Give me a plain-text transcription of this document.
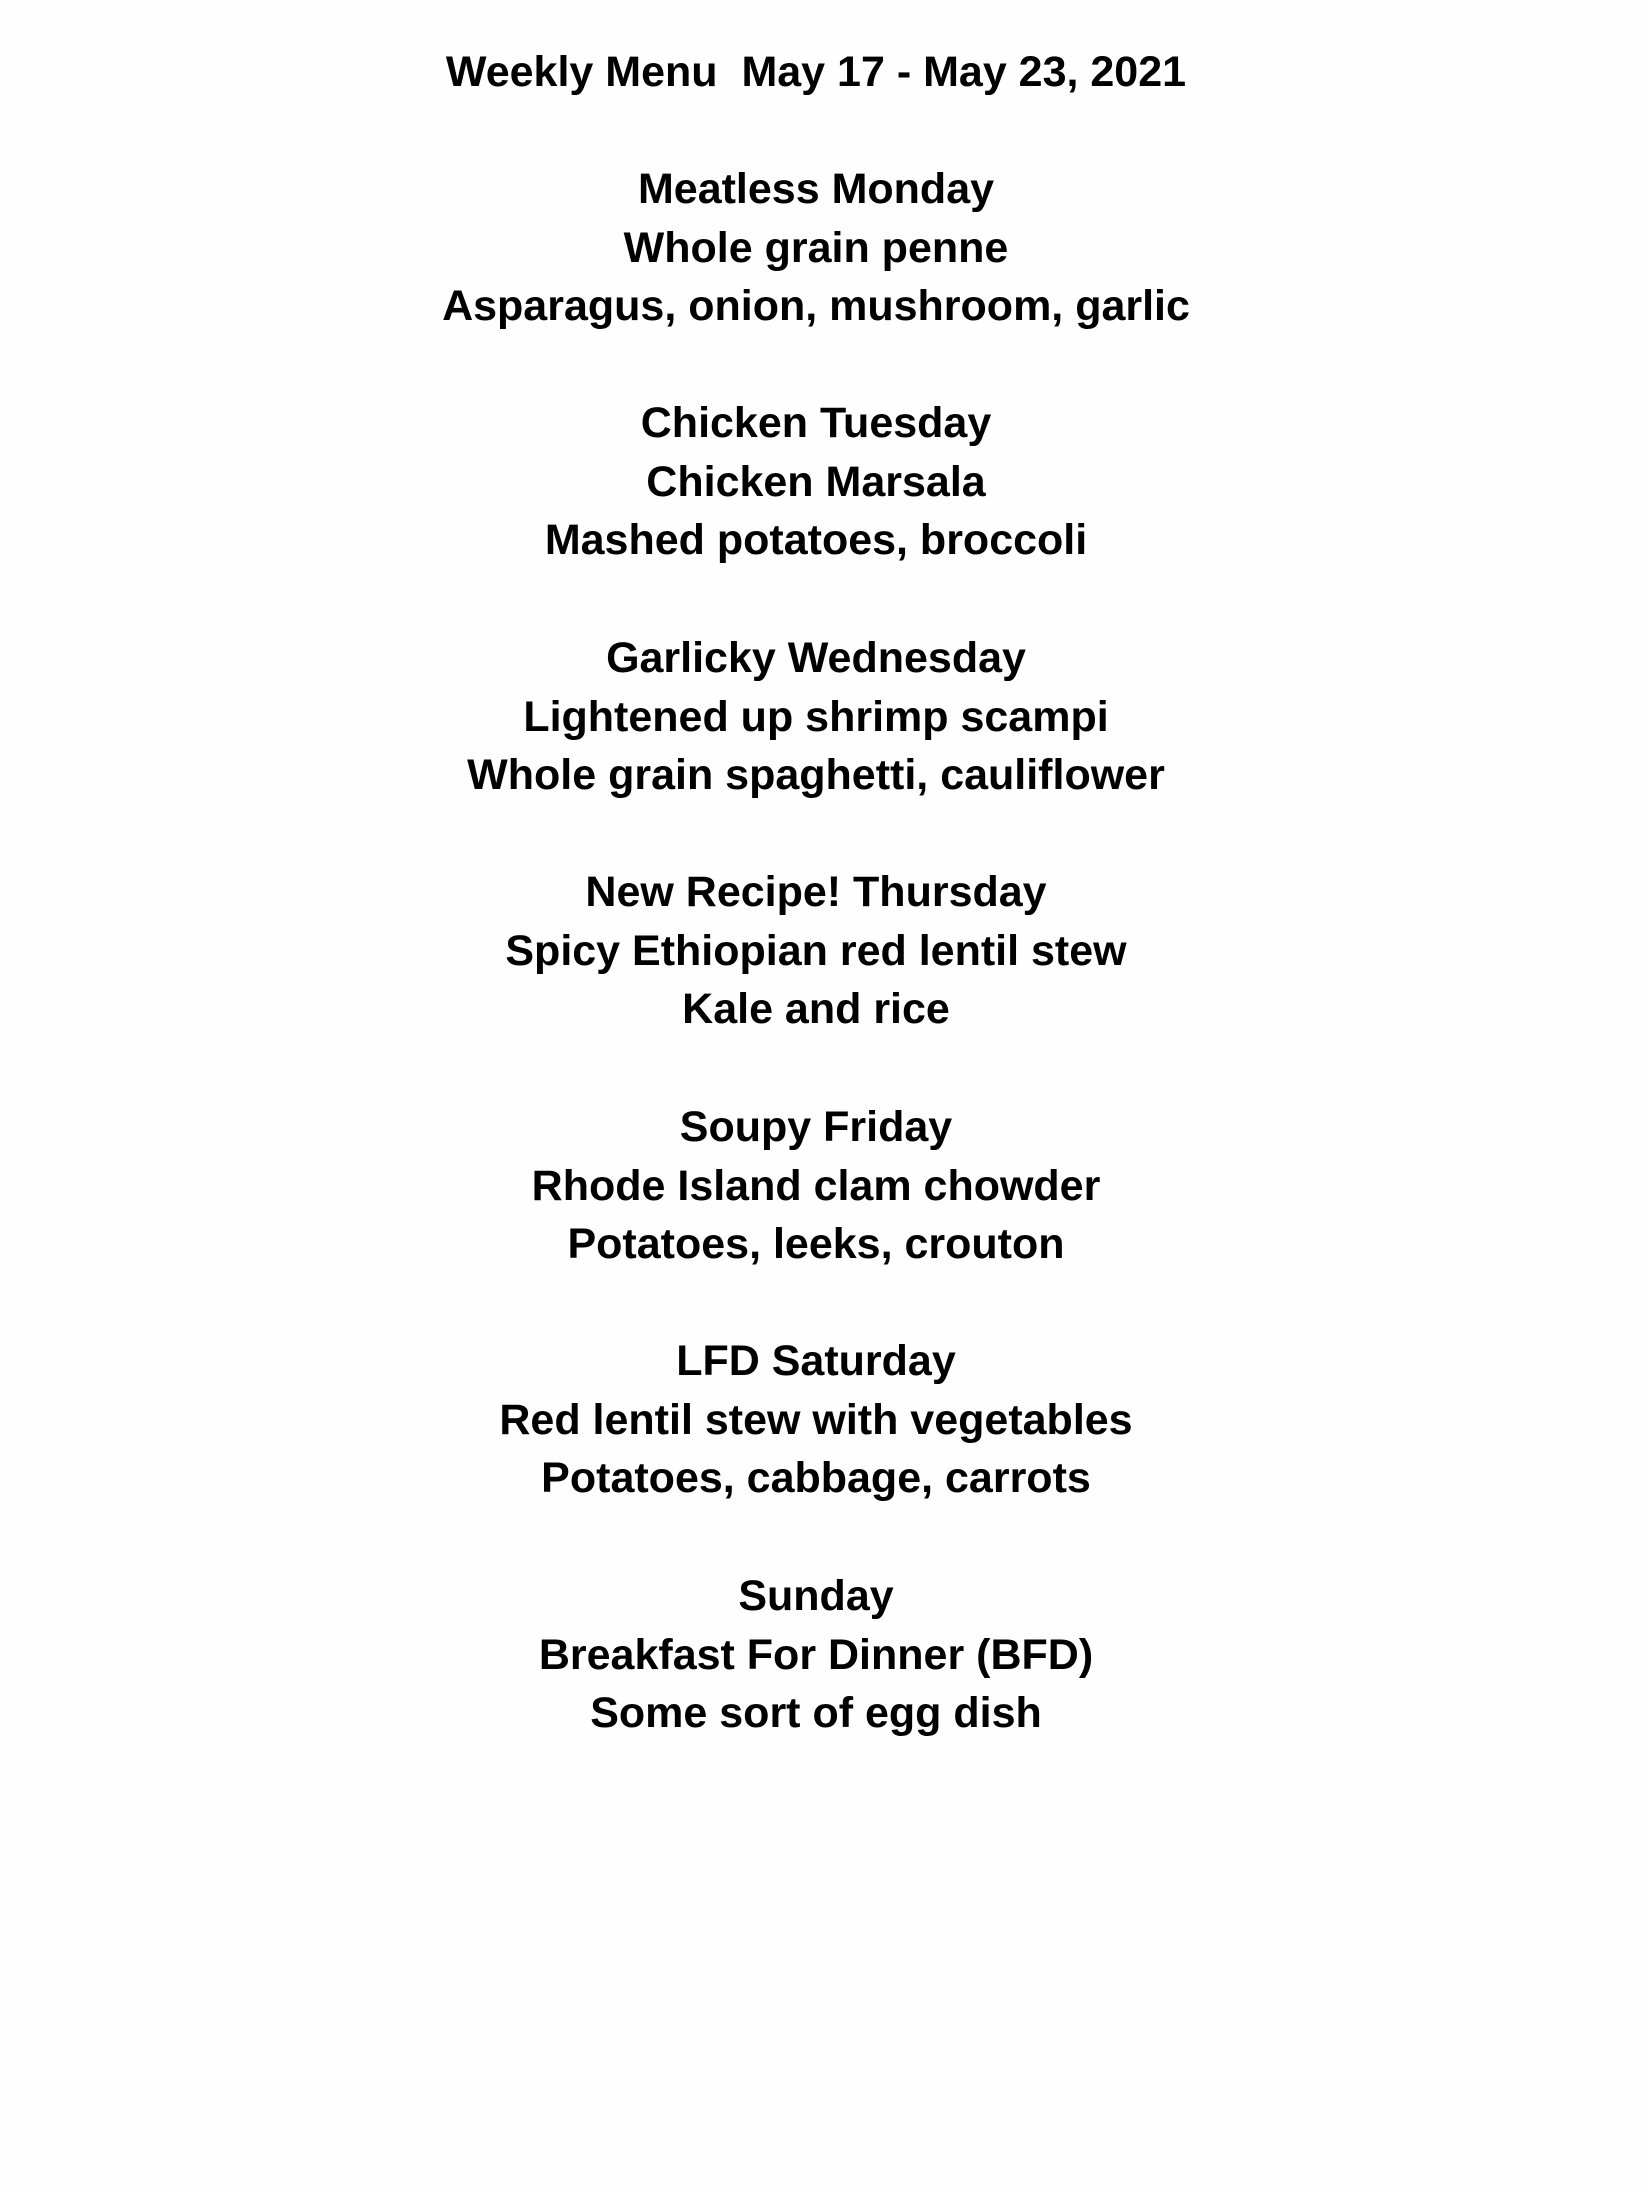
Weekly Menu  May 17 - May 23, 2021
Meatless Monday
Whole grain penne
Asparagus, onion, mushroom, garlic
Chicken Tuesday
Chicken Marsala
Mashed potatoes, broccoli
Garlicky Wednesday
Lightened up shrimp scampi
Whole grain spaghetti, cauliflower
New Recipe! Thursday
Spicy Ethiopian red lentil stew
Kale and rice
Soupy Friday
Rhode Island clam chowder
Potatoes, leeks, crouton
LFD Saturday
Red lentil stew with vegetables
Potatoes, cabbage, carrots
Sunday
Breakfast For Dinner (BFD)
Some sort of egg dish
